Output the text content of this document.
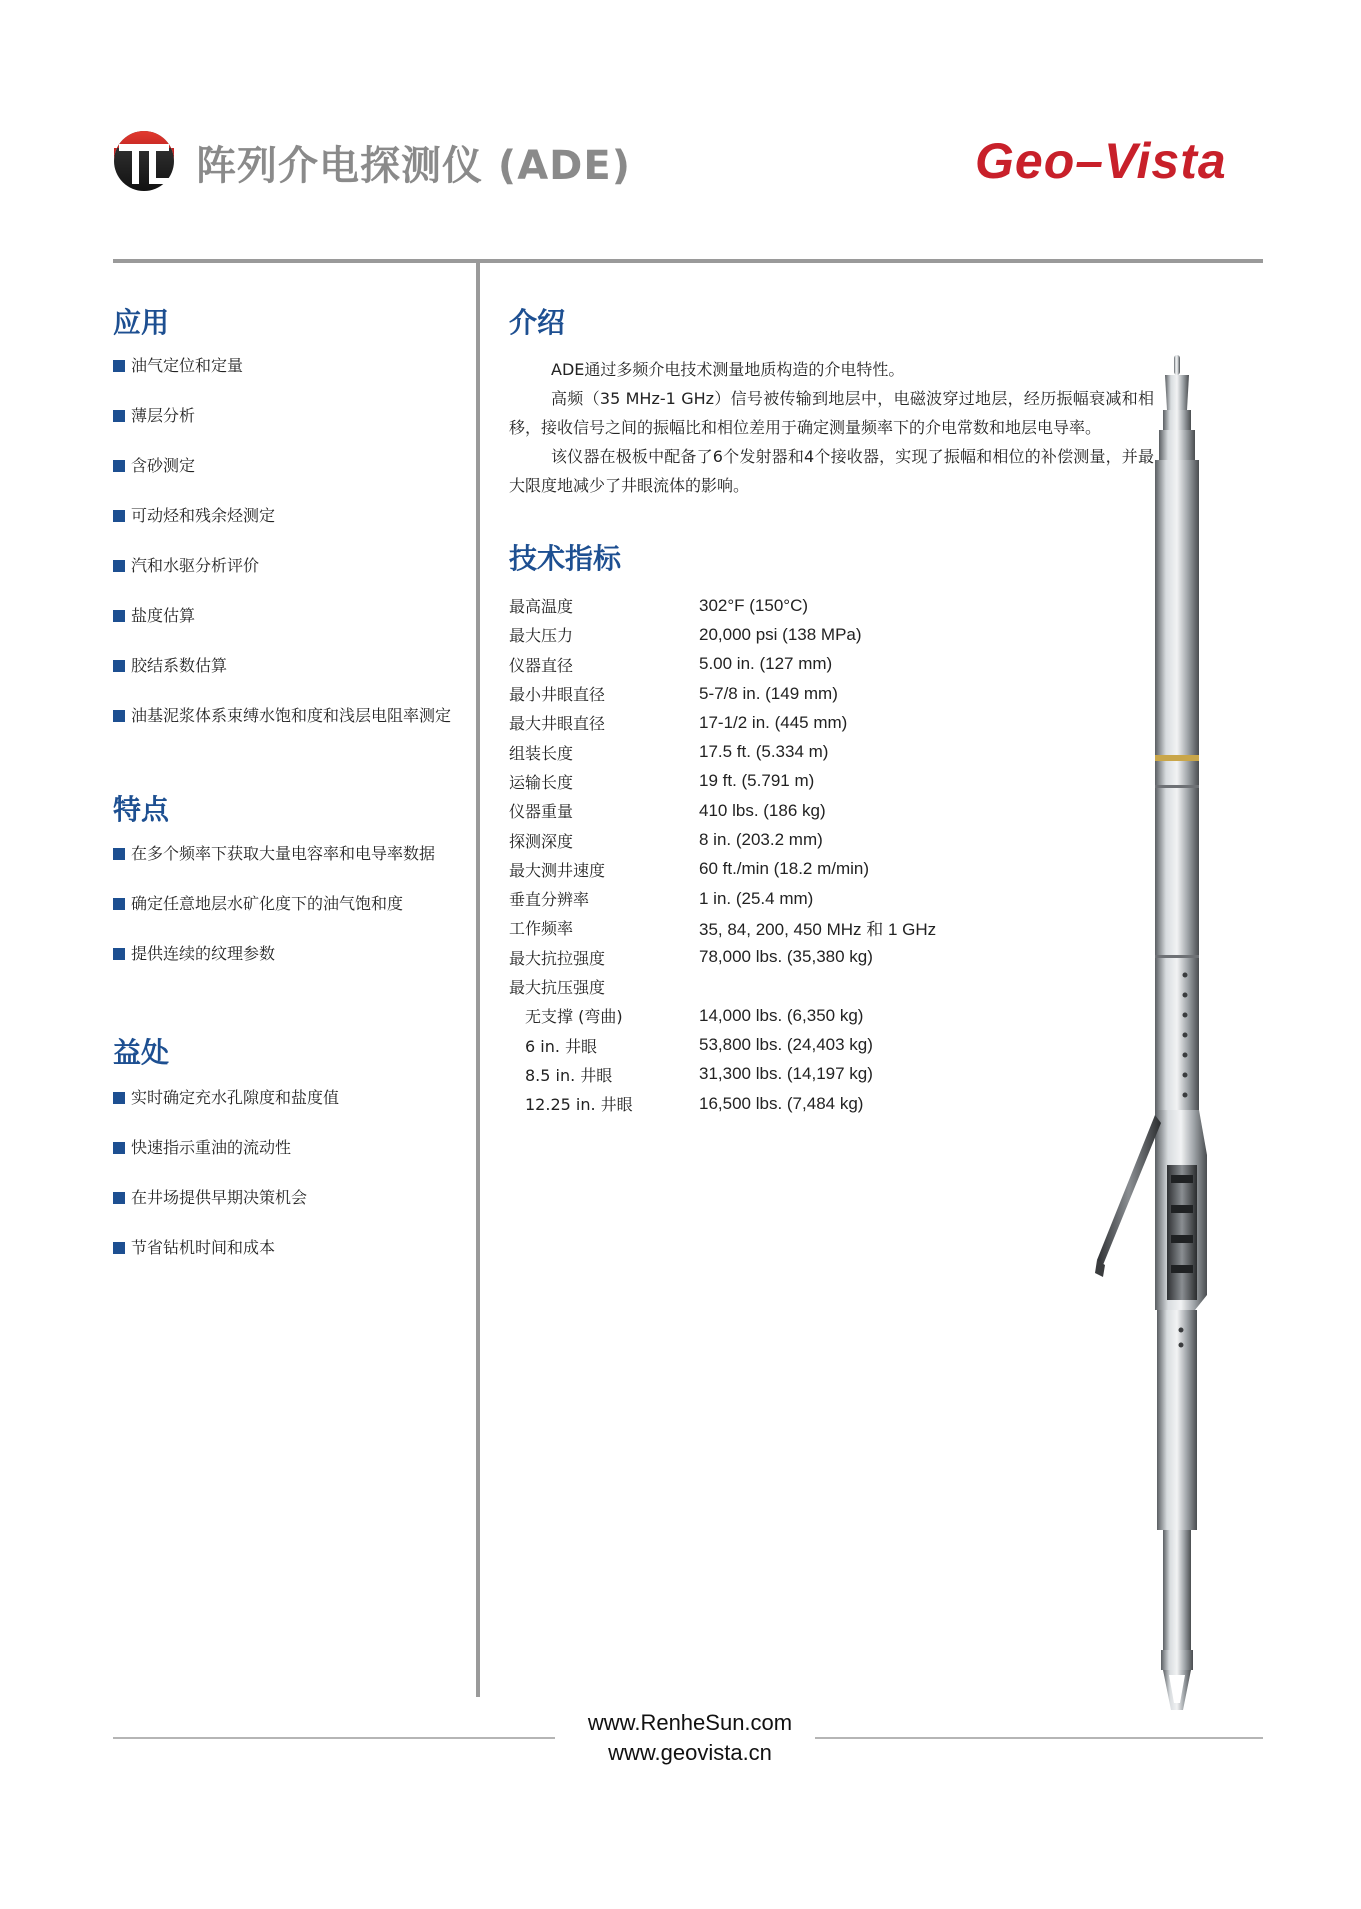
阵列介电探测仪 (ADE)	Geo–Vista
应用
油气定位和定量
薄层分析
含砂测定
可动烃和残余烃测定
汽和水驱分析评价
盐度估算
胶结系数估算
油基泥浆体系束缚水饱和度和浅层电阻率测定
特点
在多个频率下获取大量电容率和电导率数据
确定任意地层水矿化度下的油气饱和度
提供连续的纹理参数
益处
实时确定充水孔隙度和盐度值
快速指示重油的流动性
在井场提供早期决策机会
节省钻机时间和成本
介绍

ADE通过多频介电技术测量地质构造的介电特性。

高频（35 MHz-1 GHz）信号被传输到地层中，电磁波穿过地层，经历振幅衰减和相移，接收信号之间的振幅比和相位差用于确定测量频率下的介电常数和地层电导率。

该仪器在极板中配备了6个发射器和4个接收器，实现了振幅和相位的补偿测量，并最大限度地减少了井眼流体的影响。

技术指标
最高温度	302°F (150°C)
最大压力	20,000 psi (138 MPa)
仪器直径	5.00 in. (127 mm)
最小井眼直径	5-7/8 in. (149 mm)
最大井眼直径	17-1/2 in. (445 mm)
组装长度	17.5 ft. (5.334 m)
运输长度	19 ft. (5.791 m)
仪器重量	410 lbs. (186 kg)
探测深度	8 in. (203.2 mm)
最大测井速度	60 ft./min (18.2 m/min)
垂直分辨率	1 in. (25.4 mm)
工作频率	35, 84, 200, 450 MHz 和 1 GHz
最大抗拉强度	78,000 lbs. (35,380 kg)
最大抗压强度
无支撑 (弯曲)	14,000 lbs. (6,350 kg)
6 in. 井眼	53,800 lbs. (24,403 kg)
8.5 in. 井眼	31,300 lbs. (14,197 kg)
12.25 in. 井眼	16,500 lbs. (7,484 kg)
www.RenheSun.com
www.geovista.cn
